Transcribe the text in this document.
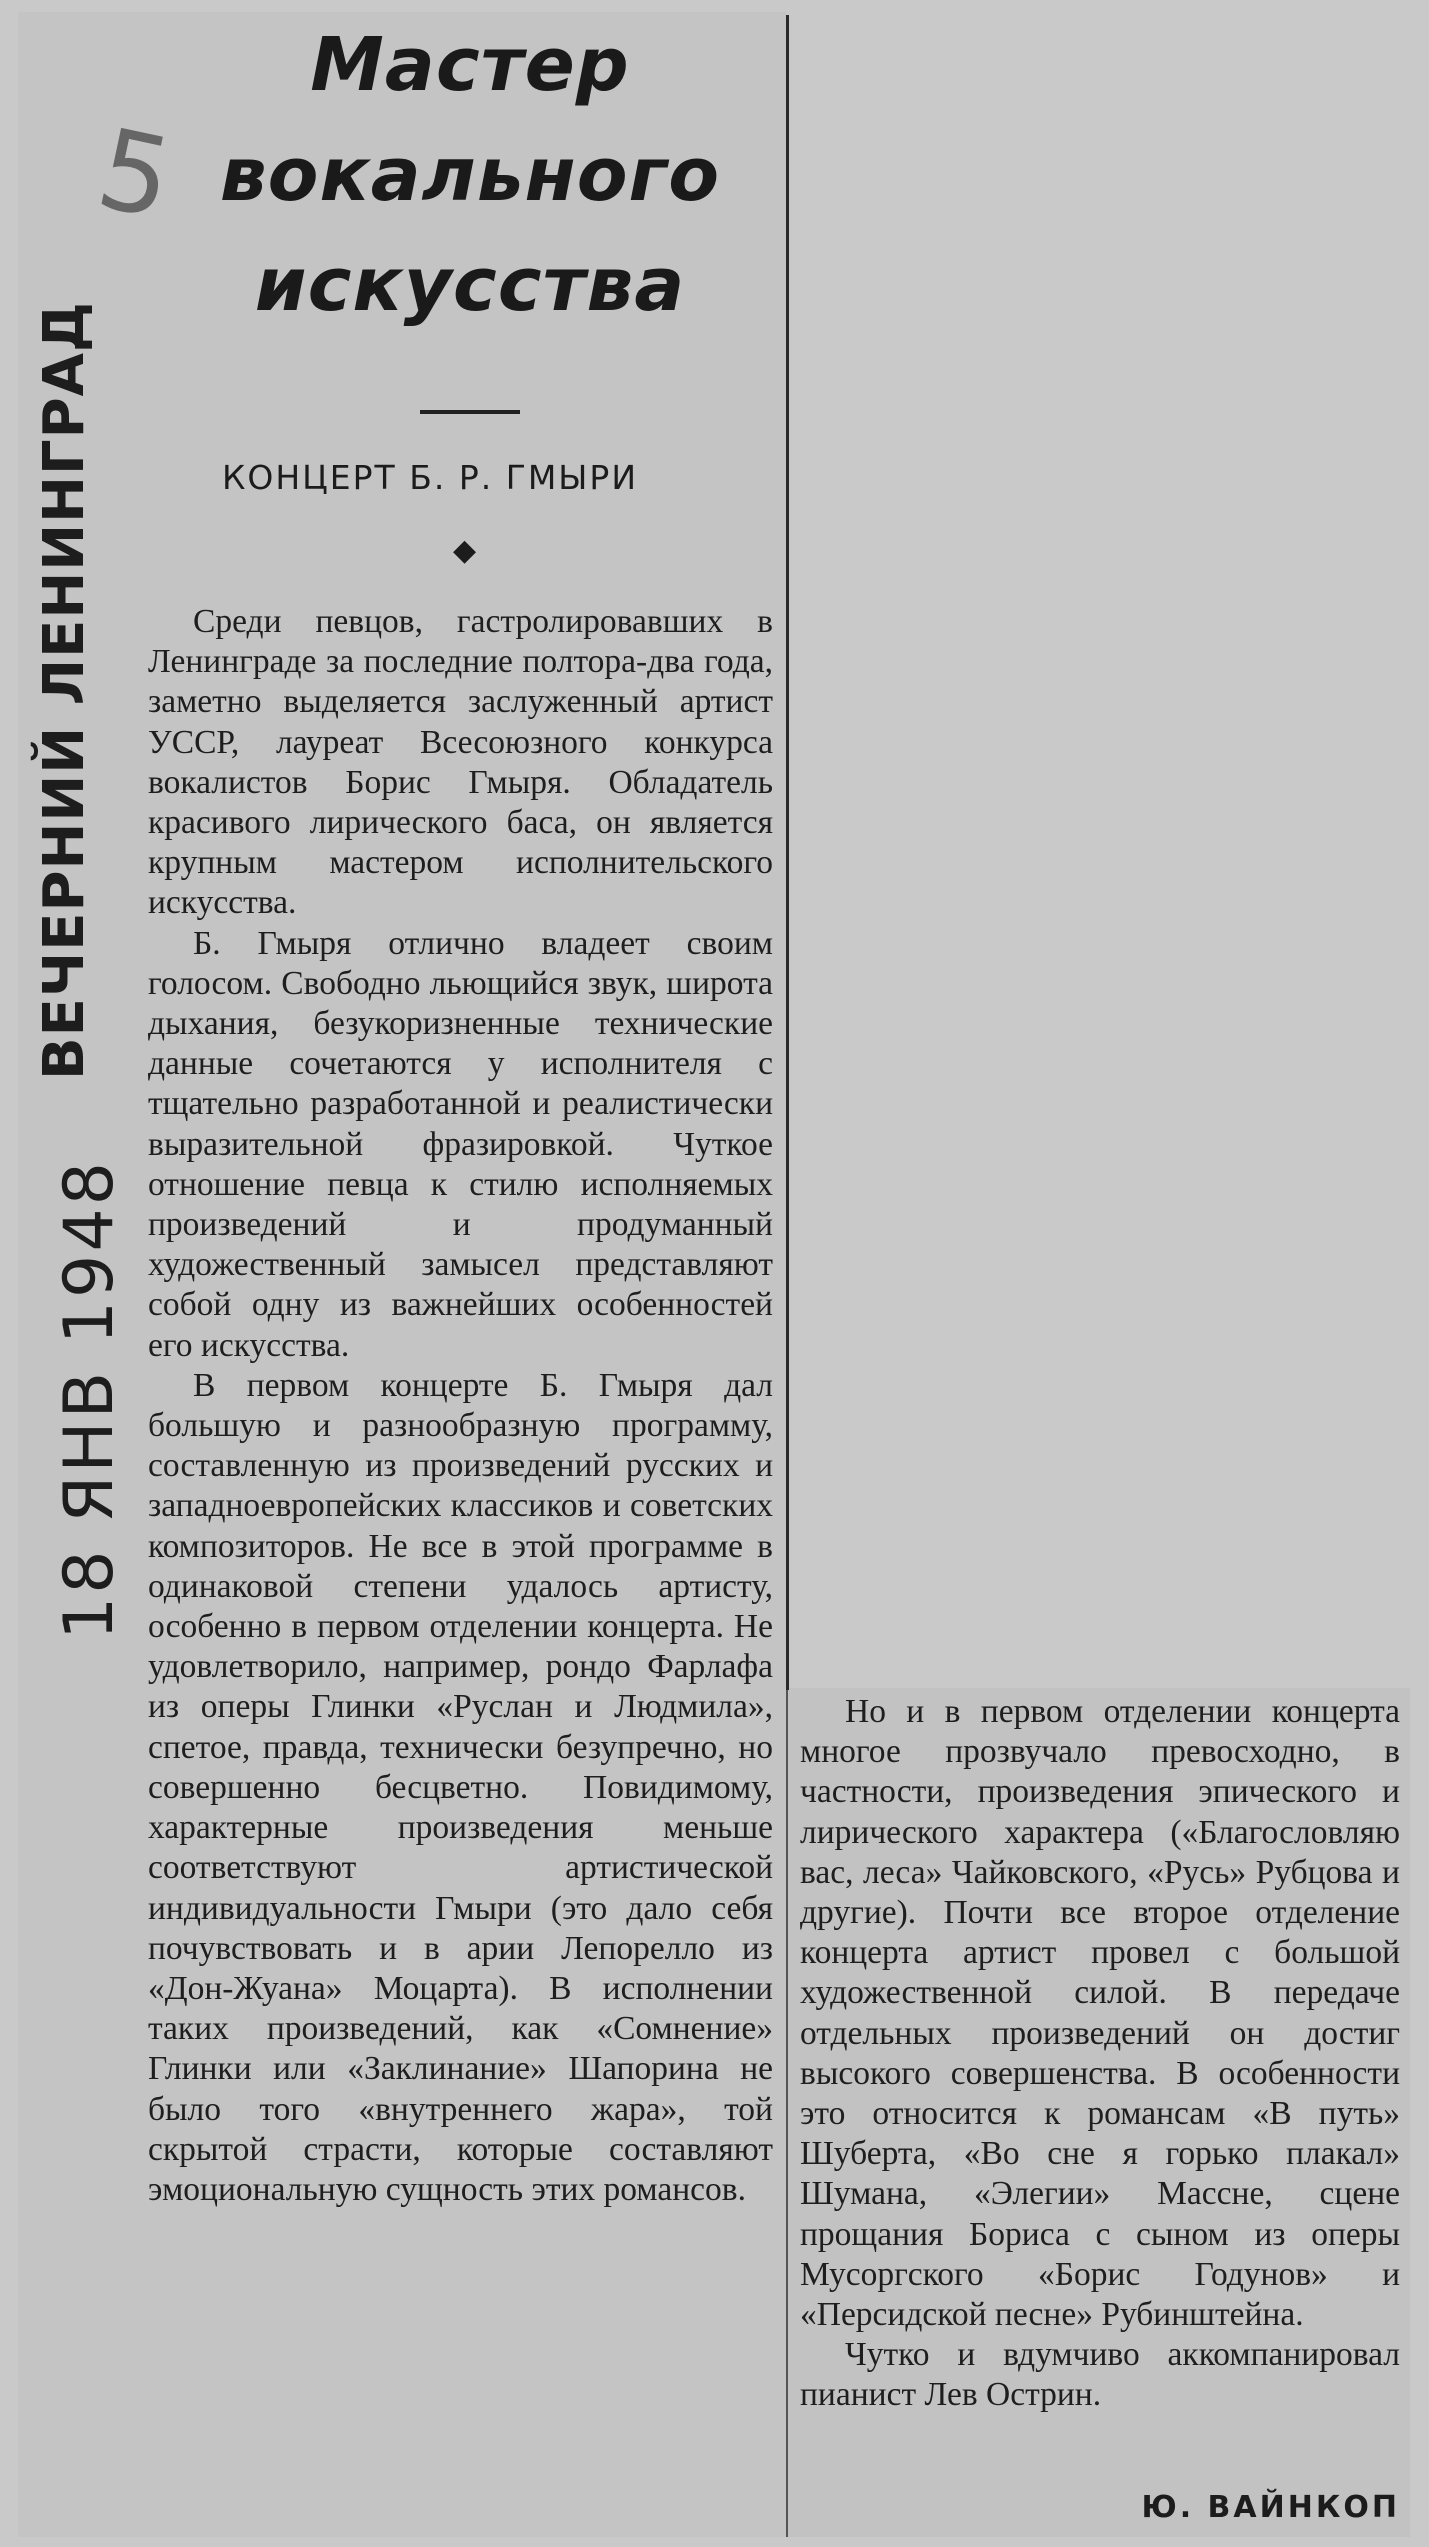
5
ВЕЧЕРНИЙ ЛЕНИНГРАД
18 ЯНВ 1948
Мастер
вокального
искусства
КОНЦЕРТ Б. Р. ГМЫРИ
◆

Среди певцов, гастролировавших в Ленинграде за последние полтора-два года, заметно выделяется заслуженный артист УССР, лауреат Всесоюзного конкурса вокалистов Борис Гмыря. Обладатель красивого лирического баса, он является крупным мастером исполнительского искусства.

Б. Гмыря отлично владеет своим голосом. Свободно льющийся звук, широта дыхания, безукоризненные технические данные сочетаются у исполнителя с тщательно разработанной и реалистически выразительной фразировкой. Чуткое отношение певца к стилю исполняемых произведений и продуманный художественный замысел представляют собой одну из важнейших особенностей его искусства.

В первом концерте Б. Гмыря дал большую и разнообразную программу, составленную из произведений русских и западноевропейских классиков и советских композиторов. Не все в этой программе в одинаковой степени удалось артисту, особенно в первом отделении концерта. Не удовлетворило, например, рондо Фарлафа из оперы Глинки «Руслан и Людмила», спетое, правда, технически безупречно, но совершенно бесцветно. Повидимому, характерные произведения меньше соответствуют артистической индивидуальности Гмыри (это дало себя почувствовать и в арии Лепорелло из «Дон-Жуана» Моцарта). В исполнении таких произведений, как «Сомнение» Глинки или «Заклинание» Шапорина не было того «внутреннего жара», той скрытой страсти, которые составляют эмоциональную сущность этих романсов.

Но и в первом отделении концерта многое прозвучало превосходно, в частности, произведения эпического и лирического характера («Благословляю вас, леса» Чайковского, «Русь» Рубцова и другие). Почти все второе отделение концерта артист провел с большой художественной силой. В передаче отдельных произведений он достиг высокого совершенства. В особенности это относится к романсам «В путь» Шуберта, «Во сне я горько плакал» Шумана, «Элегии» Массне, сцене прощания Бориса с сыном из оперы Мусоргского «Борис Годунов» и «Персидской песне» Рубинштейна.

Чутко и вдумчиво аккомпанировал пианист Лев Острин.

Ю. ВАЙНКОП
